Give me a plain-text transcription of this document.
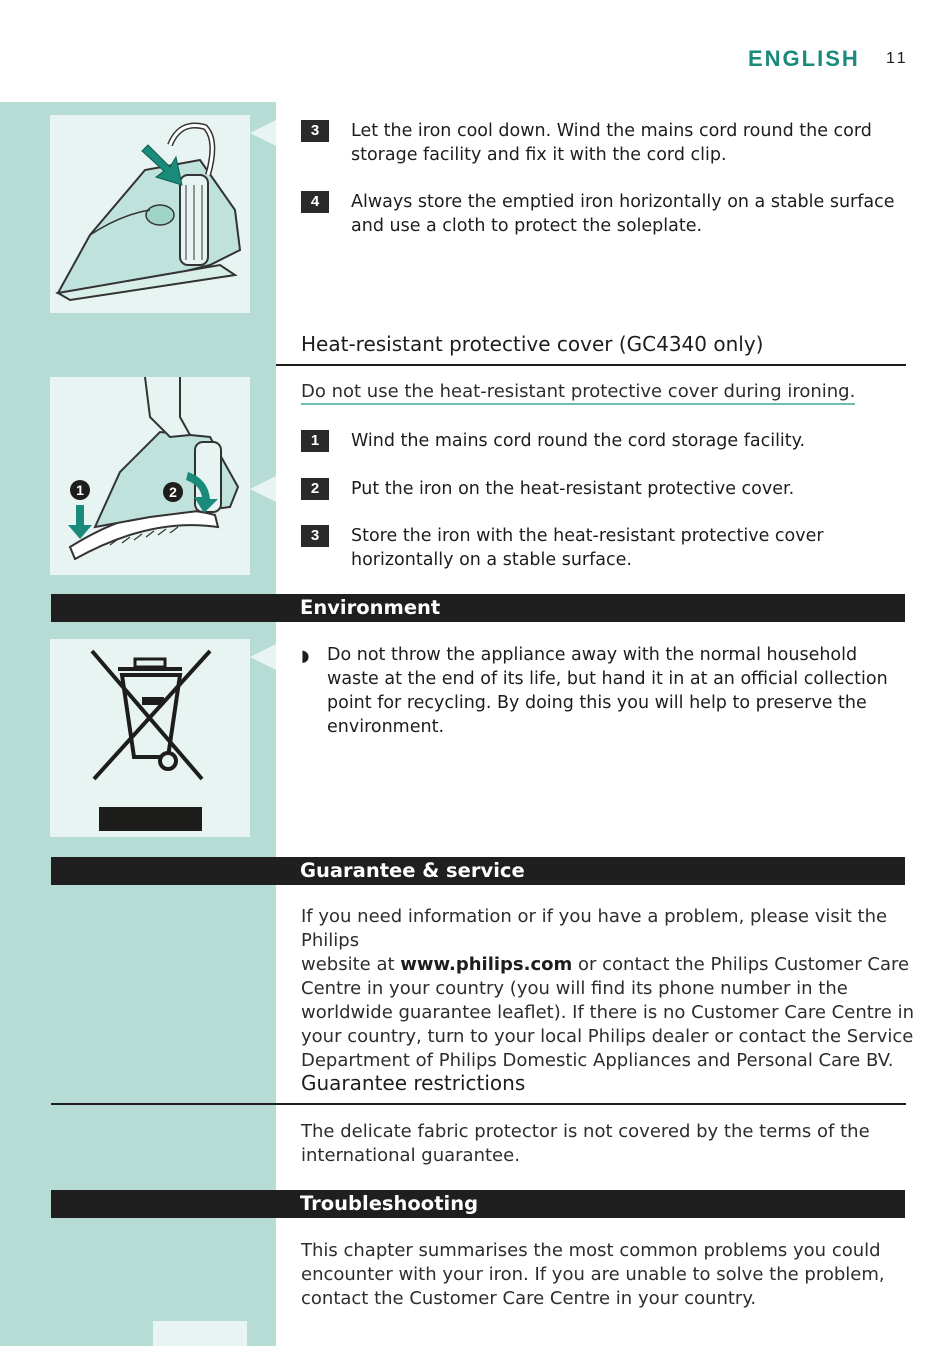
ENGLISH 11
3	Let the iron cool down. Wind the mains cord round the cord
storage facility and fix it with the cord clip.
4	Always store the emptied iron horizontally on a stable surface
and use a cloth to protect the soleplate.
Heat-resistant protective cover (GC4340 only)
1	2
Do not use the heat-resistant protective cover during ironing.
1	Wind the mains cord round the cord storage facility.
2	Put the iron on the heat-resistant protective cover.
3	Store the iron with the heat-resistant protective cover
horizontally on a stable surface.
Environment
◗ Do not throw the appliance away with the normal household
waste at the end of its life, but hand it in at an official collection
point for recycling. By doing this you will help to preserve the
environment.
Guarantee & service
If you need information or if you have a problem, please visit the Philips
website at www.philips.com or contact the Philips Customer Care
Centre in your country (you will find its phone number in the
worldwide guarantee leaflet). If there is no Customer Care Centre in
your country, turn to your local Philips dealer or contact the Service
Department of Philips Domestic Appliances and Personal Care BV.
Guarantee restrictions
The delicate fabric protector is not covered by the terms of the
international guarantee.
Troubleshooting
This chapter summarises the most common problems you could
encounter with your iron. If you are unable to solve the problem,
contact the Customer Care Centre in your country.
